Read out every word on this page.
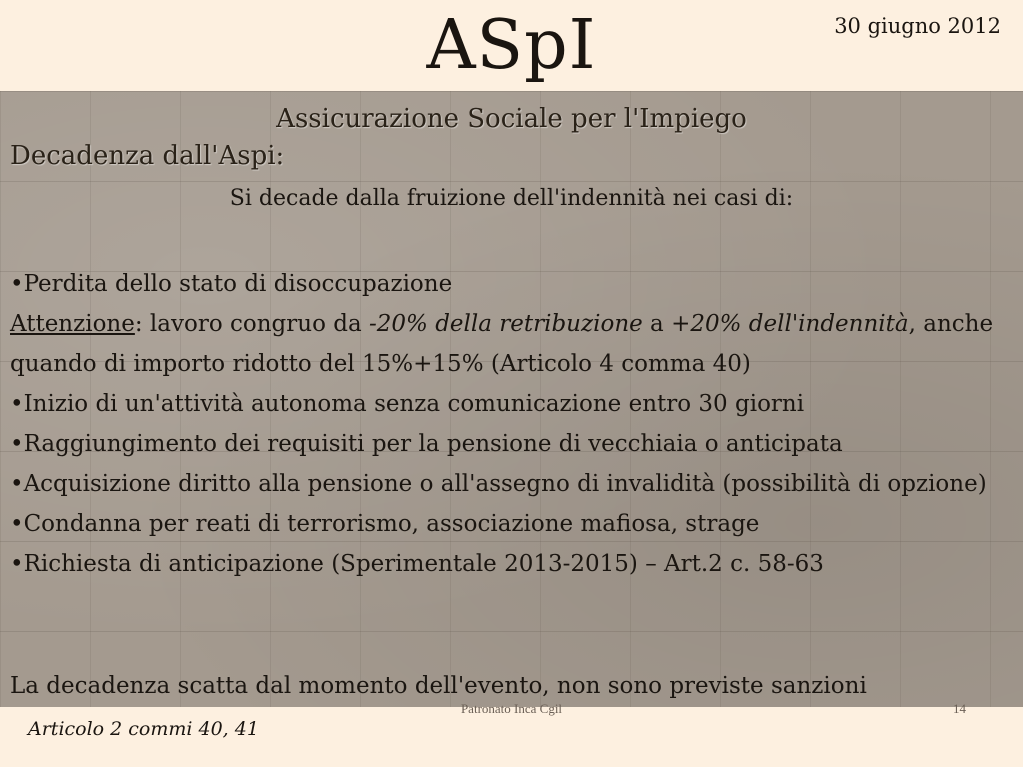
ASpI	30 giugno 2012
Assicurazione Sociale per l'Impiego
Decadenza dall'Aspi:
Si decade dalla fruizione dell'indennità nei casi di:

•Perdita dello stato di disoccupazione

Attenzione: lavoro congruo da -20% della retribuzione a +20% dell'indennità, anche quando di importo ridotto del 15%+15% (Articolo 4 comma 40)

•Inizio di un'attività autonoma senza comunicazione entro 30 giorni

•Raggiungimento dei requisiti per la pensione di vecchiaia o anticipata

•Acquisizione diritto alla pensione o all'assegno di invalidità (possibilità di opzione)

•Condanna per reati di terrorismo, associazione mafiosa, strage

•Richiesta di anticipazione (Sperimentale 2013-2015) – Art.2 c. 58-63

La decadenza scatta dal momento dell'evento, non sono previste sanzioni
Patronato Inca Cgil	14
Articolo 2 commi 40, 41
